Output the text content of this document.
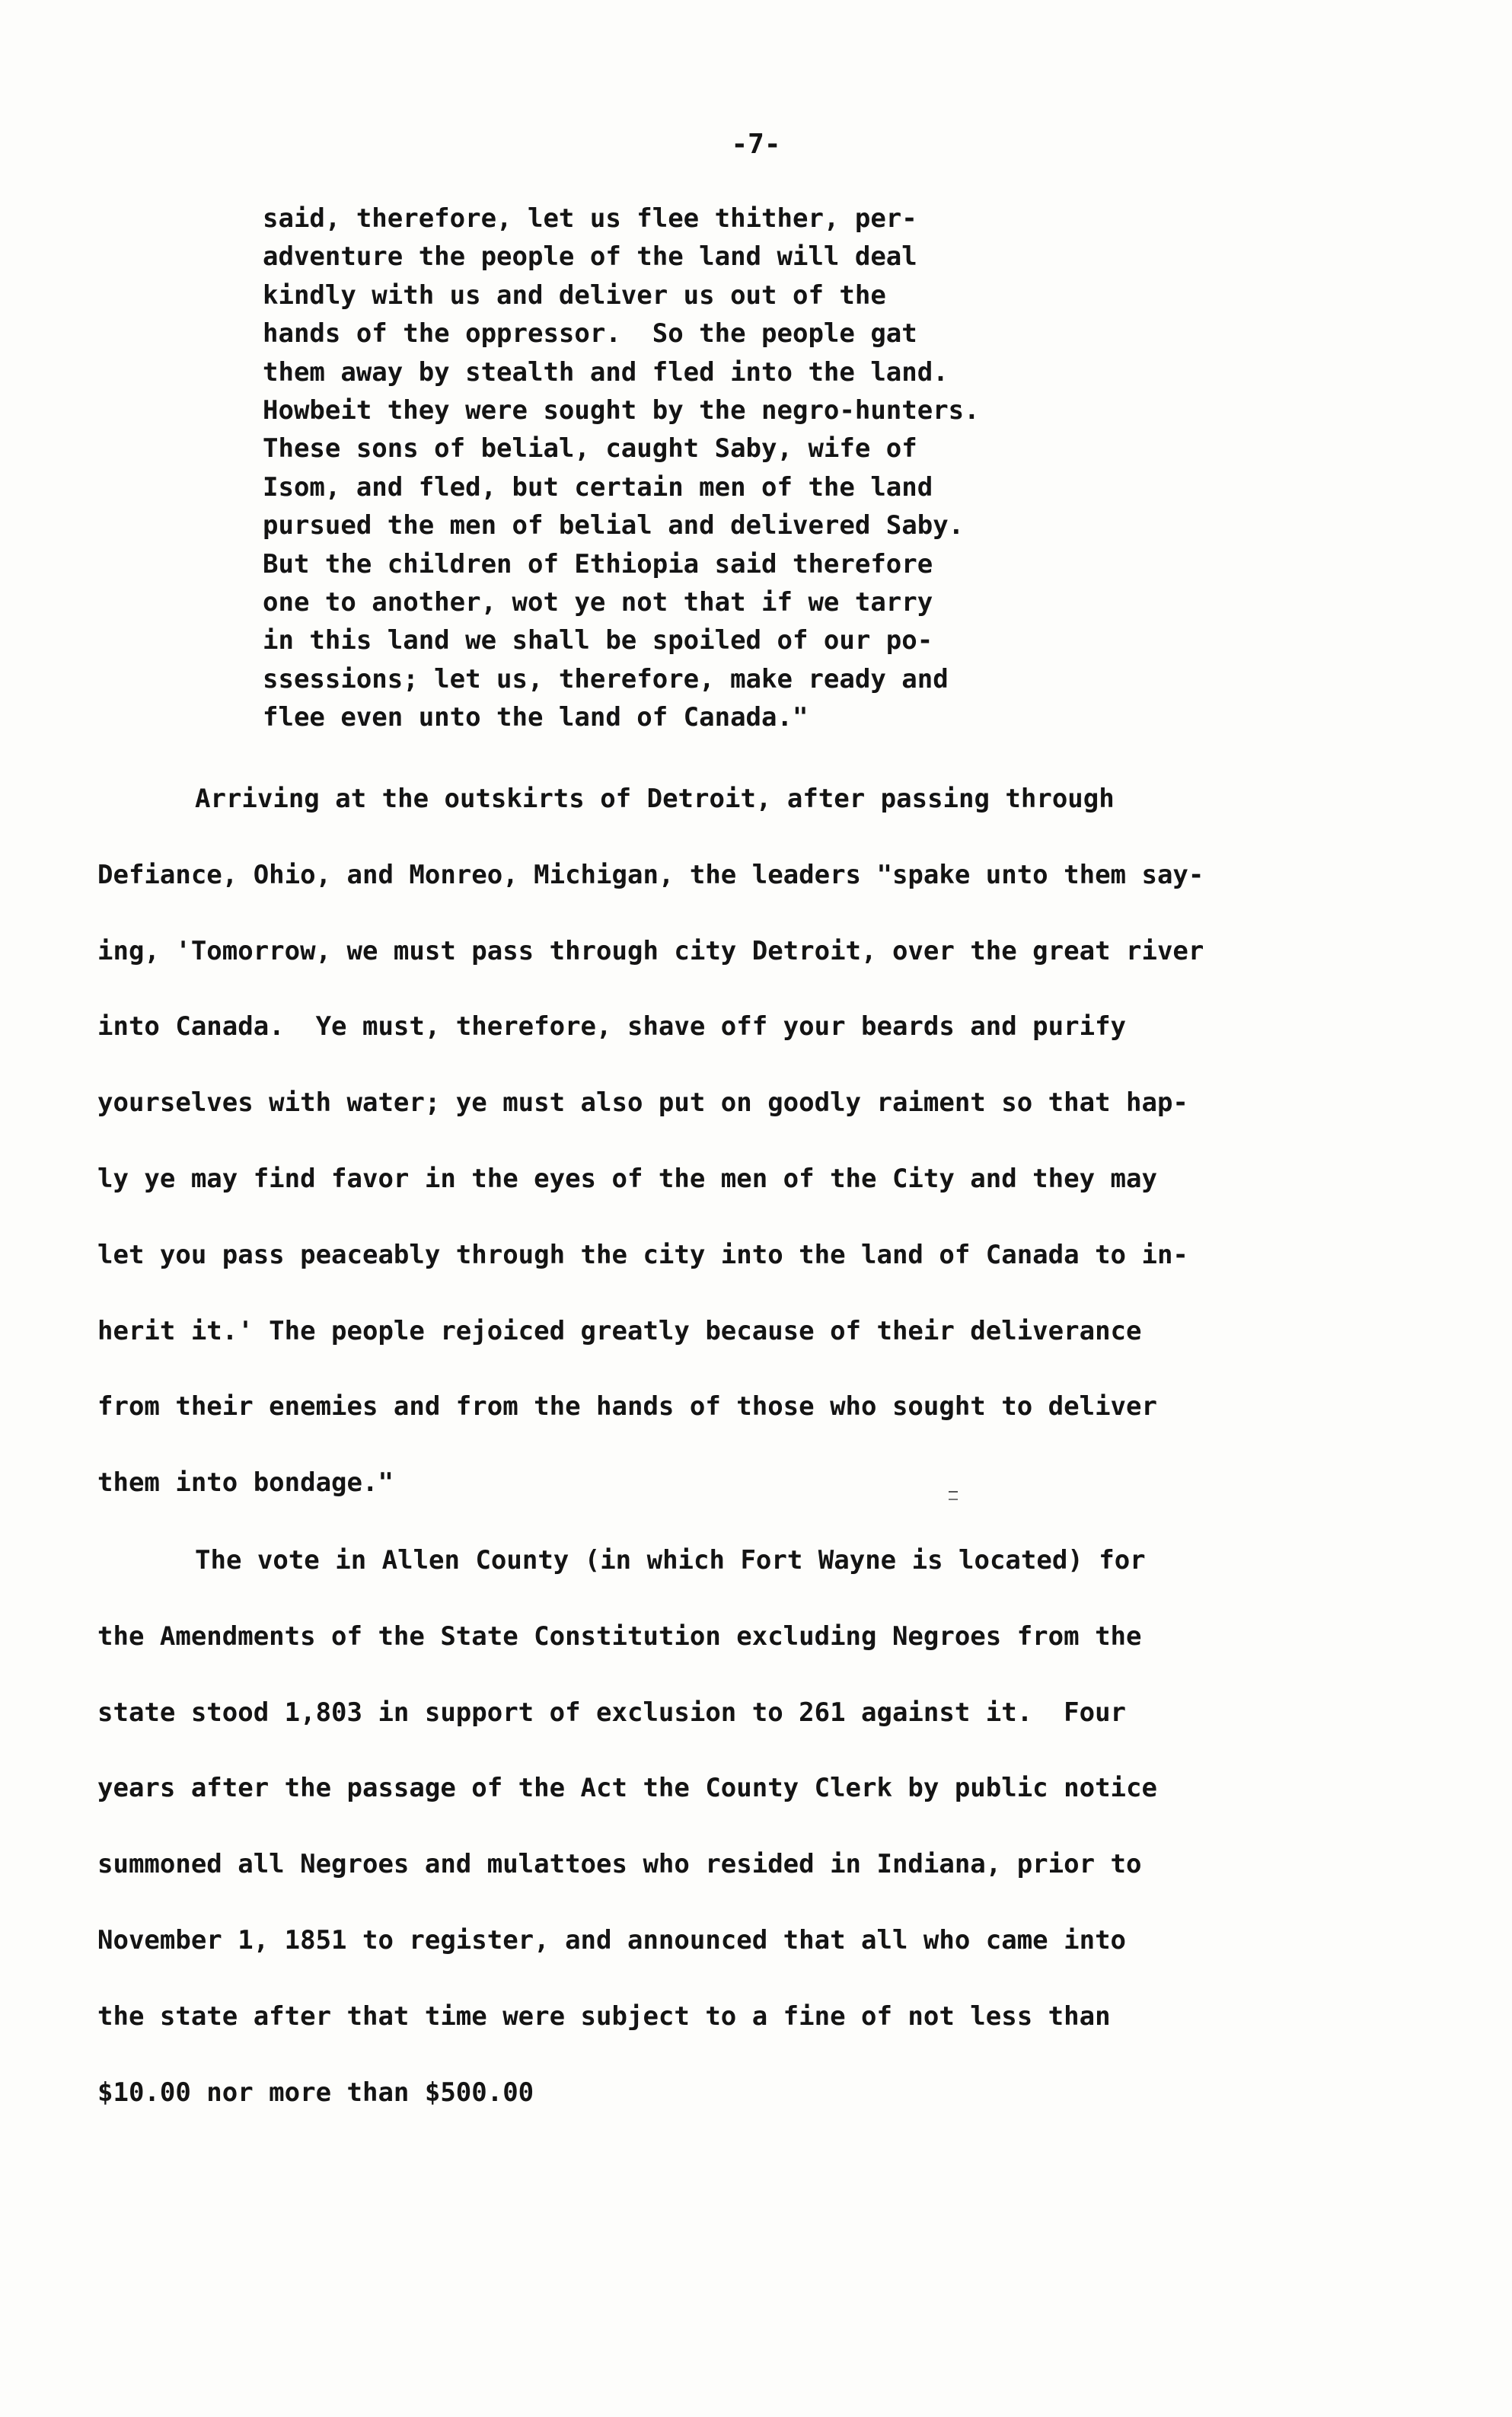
-7-
said, therefore, let us flee thither, per-
adventure the people of the land will deal
kindly with us and deliver us out of the
hands of the oppressor.  So the people gat
them away by stealth and fled into the land.
Howbeit they were sought by the negro-hunters.
These sons of belial, caught Saby, wife of
Isom, and fled, but certain men of the land
pursued the men of belial and delivered Saby.
But the children of Ethiopia said therefore
one to another, wot ye not that if we tarry
in this land we shall be spoiled of our po-
ssessions; let us, therefore, make ready and
flee even unto the land of Canada."
Arriving at the outskirts of Detroit, after passing through
Defiance, Ohio, and Monreo, Michigan, the leaders "spake unto them say-
ing, 'Tomorrow, we must pass through city Detroit, over the great river
into Canada.  Ye must, therefore, shave off your beards and purify
yourselves with water; ye must also put on goodly raiment so that hap-
ly ye may find favor in the eyes of the men of the City and they may
let you pass peaceably through the city into the land of Canada to in-
herit it.' The people rejoiced greatly because of their deliverance
from their enemies and from the hands of those who sought to deliver
them into bondage."
The vote in Allen County (in which Fort Wayne is located) for
the Amendments of the State Constitution excluding Negroes from the
state stood 1,803 in support of exclusion to 261 against it.  Four
years after the passage of the Act the County Clerk by public notice
summoned all Negroes and mulattoes who resided in Indiana, prior to
November 1, 1851 to register, and announced that all who came into
the state after that time were subject to a fine of not less than
$10.00 nor more than $500.00
